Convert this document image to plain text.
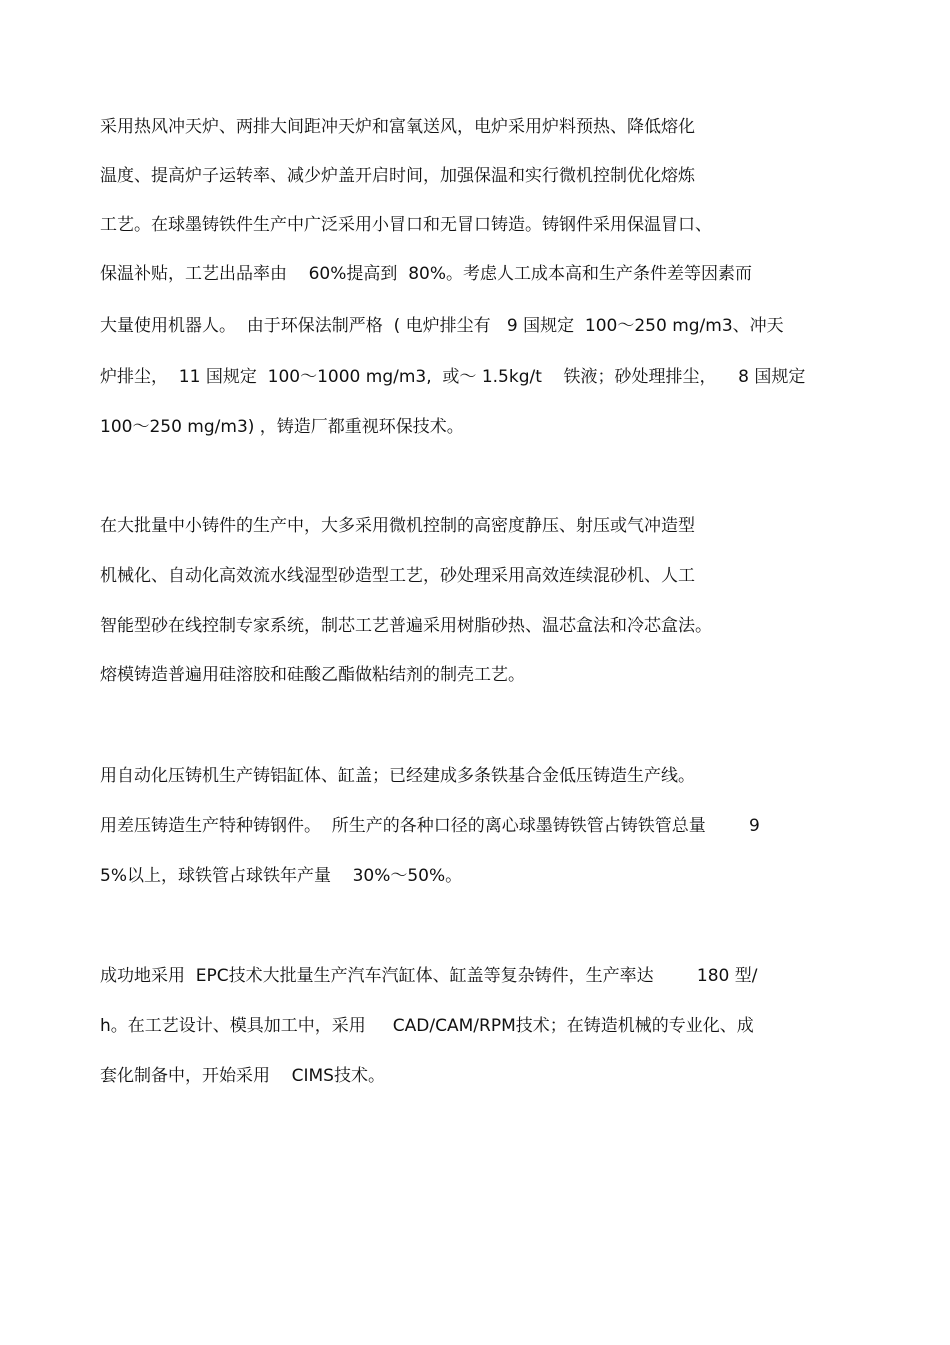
采用热风冲天炉、两排大间距冲天炉和富氧送风，电炉采用炉料预热、降低熔化
温度、提高炉子运转率、减少炉盖开启时间，加强保温和实行微机控制优化熔炼
工艺。在球墨铸铁件生产中广泛采用小冒口和无冒口铸造。铸钢件采用保温冒口、
保温补贴，工艺出品率由    60%提高到  80%。考虑人工成本高和生产条件差等因素而
大量使用机器人。  由于环保法制严格  ( 电炉排尘有   9 国规定  100～250 mg/m3、冲天
炉排尘，  11 国规定  100～1000 mg/m3,  或～ 1.5kg/t    铁液；砂处理排尘，    8 国规定
100～250 mg/m3) ，铸造厂都重视环保技术。
在大批量中小铸件的生产中，大多采用微机控制的高密度静压、射压或气冲造型
机械化、自动化高效流水线湿型砂造型工艺，砂处理采用高效连续混砂机、人工
智能型砂在线控制专家系统，制芯工艺普遍采用树脂砂热、温芯盒法和冷芯盒法。
熔模铸造普遍用硅溶胶和硅酸乙酯做粘结剂的制壳工艺。
用自动化压铸机生产铸铝缸体、缸盖；已经建成多条铁基合金低压铸造生产线。
用差压铸造生产特种铸钢件。  所生产的各种口径的离心球墨铸铁管占铸铁管总量        9
5%以上，球铁管占球铁年产量    30%～50%。
成功地采用  EPC技术大批量生产汽车汽缸体、缸盖等复杂铸件，生产率达        180 型/
h。在工艺设计、模具加工中，采用     CAD/CAM/RPM技术；在铸造机械的专业化、成
套化制备中，开始采用    CIMS技术。
